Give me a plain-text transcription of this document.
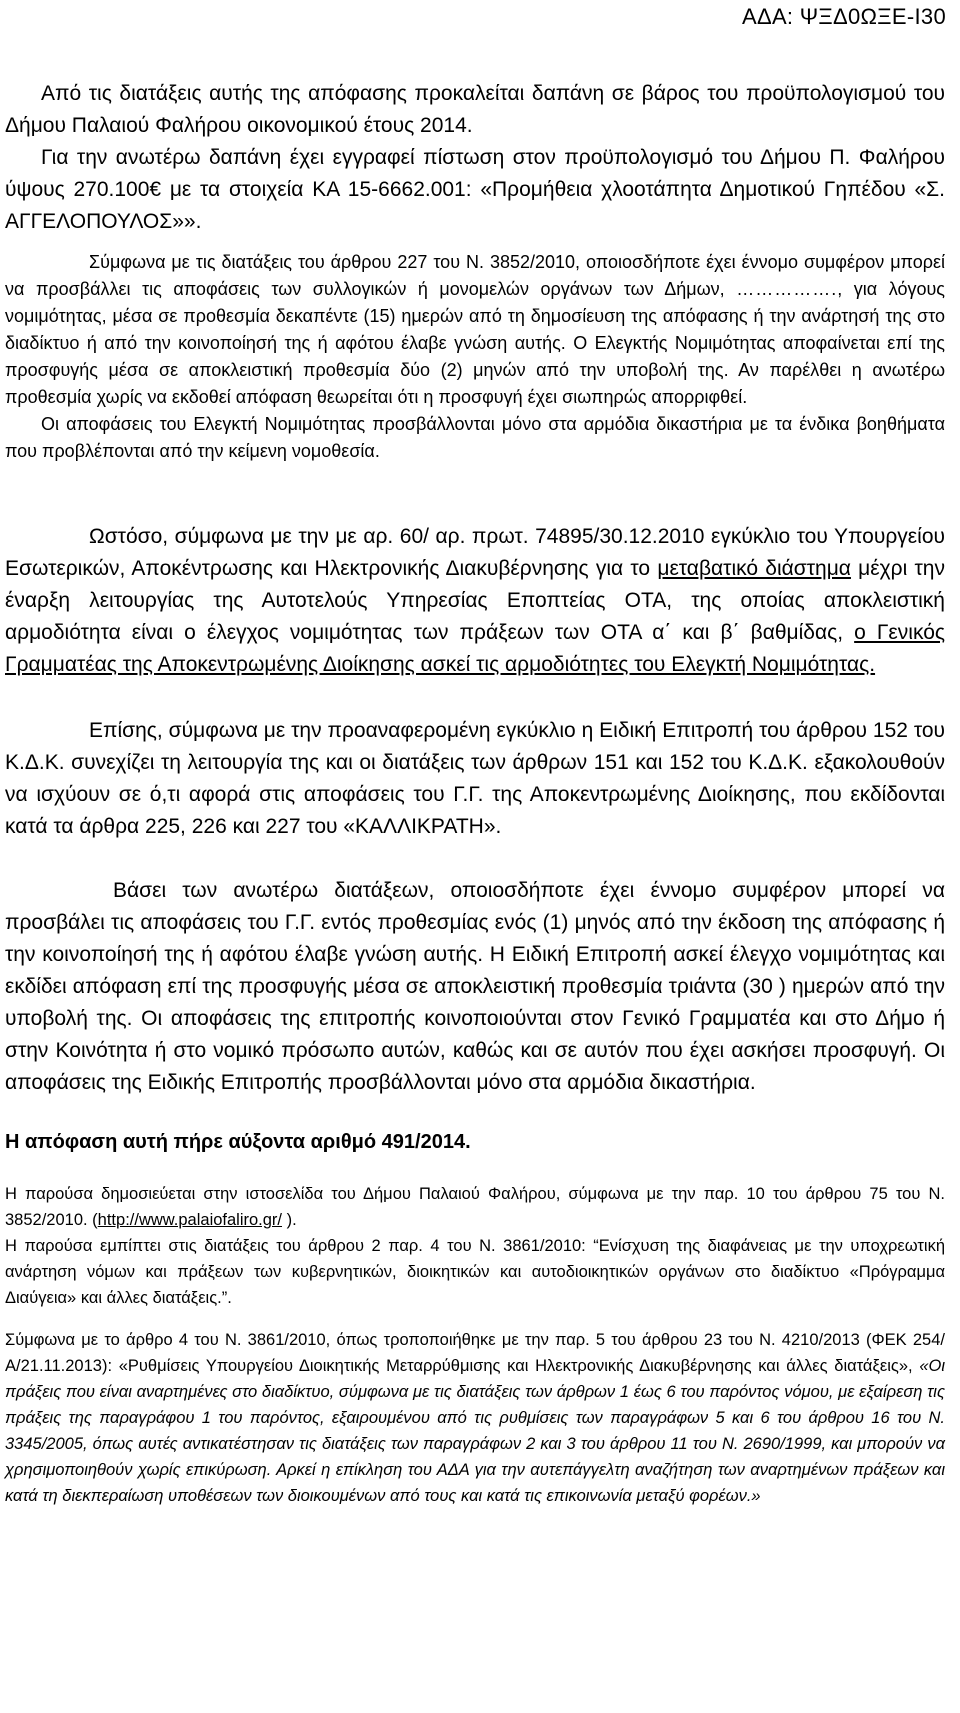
ΑΔΑ: ΨΞΔ0ΩΞΕ-Ι30

Από τις διατάξεις αυτής της απόφασης προκαλείται δαπάνη σε βάρος του προϋπολογισμού του Δήμου Παλαιού Φαλήρου οικονομικού έτους 2014.

Για την ανωτέρω δαπάνη έχει εγγραφεί πίστωση στον προϋπολογισμό του Δήμου Π. Φαλήρου ύψους 270.100€ με τα στοιχεία ΚΑ 15-6662.001: «Προμήθεια χλοοτάπητα Δημοτικού Γηπέδου «Σ. ΑΓΓΕΛΟΠΟΥΛΟΣ»».

Σύμφωνα με τις διατάξεις του άρθρου 227 του Ν. 3852/2010, οποιοσδήποτε έχει έννομο συμφέρον μπορεί να προσβάλλει τις αποφάσεις των συλλογικών ή μονομελών οργάνων των Δήμων, ……………., για λόγους νομιμότητας, μέσα σε προθεσμία δεκαπέντε (15) ημερών από τη δημοσίευση της απόφασης ή την ανάρτησή της στο διαδίκτυο ή από την κοινοποίησή της ή αφότου έλαβε γνώση αυτής. Ο Ελεγκτής Νομιμότητας αποφαίνεται επί της προσφυγής μέσα σε αποκλειστική προθεσμία δύο (2) μηνών από την υποβολή της. Αν παρέλθει η ανωτέρω προθεσμία χωρίς να εκδοθεί απόφαση θεωρείται ότι η προσφυγή έχει σιωπηρώς απορριφθεί.

Οι αποφάσεις του Ελεγκτή Νομιμότητας προσβάλλονται μόνο στα αρμόδια δικαστήρια με τα ένδικα βοηθήματα που προβλέπονται από την κείμενη νομοθεσία.

Ωστόσο, σύμφωνα με την με αρ. 60/ αρ. πρωτ. 74895/30.12.2010 εγκύκλιο του Υπουργείου Εσωτερικών, Αποκέντρωσης και Ηλεκτρονικής Διακυβέρνησης για το μεταβατικό διάστημα μέχρι την έναρξη λειτουργίας της Αυτοτελούς Υπηρεσίας Εποπτείας ΟΤΑ, της οποίας αποκλειστική αρμοδιότητα είναι ο έλεγχος νομιμότητας των πράξεων των ΟΤΑ α΄ και β΄ βαθμίδας, ο Γενικός Γραμματέας της Αποκεντρωμένης Διοίκησης ασκεί τις αρμοδιότητες του Ελεγκτή Νομιμότητας.

Επίσης, σύμφωνα με την προαναφερομένη εγκύκλιο η Ειδική Επιτροπή του άρθρου 152 του Κ.Δ.Κ. συνεχίζει τη λειτουργία της και οι διατάξεις των άρθρων 151 και 152 του Κ.Δ.Κ. εξακολουθούν να ισχύουν σε ό,τι αφορά στις αποφάσεις του Γ.Γ. της Αποκεντρωμένης Διοίκησης, που εκδίδονται κατά τα άρθρα 225, 226 και 227 του «ΚΑΛΛΙΚΡΑΤΗ».

Βάσει των ανωτέρω διατάξεων, οποιοσδήποτε έχει έννομο συμφέρον μπορεί να προσβάλει τις αποφάσεις του Γ.Γ. εντός προθεσμίας ενός (1) μηνός από την έκδοση της απόφασης ή την κοινοποίησή της ή αφότου έλαβε γνώση αυτής. Η Ειδική Επιτροπή ασκεί έλεγχο νομιμότητας και εκδίδει απόφαση επί της προσφυγής μέσα σε αποκλειστική προθεσμία τριάντα (30 ) ημερών από την υποβολή της. Οι αποφάσεις της επιτροπής κοινοποιούνται στον Γενικό Γραμματέα και στο Δήμο ή στην Κοινότητα ή στο νομικό πρόσωπο αυτών, καθώς και σε αυτόν που έχει ασκήσει προσφυγή. Οι αποφάσεις της Ειδικής Επιτροπής προσβάλλονται μόνο στα αρμόδια δικαστήρια.

Η απόφαση αυτή πήρε αύξοντα αριθμό 491/2014.

Η παρούσα δημοσιεύεται στην ιστοσελίδα του Δήμου Παλαιού Φαλήρου, σύμφωνα με την παρ. 10 του άρθρου 75 του Ν. 3852/2010. (http://www.palaiofaliro.gr/ ).

Η παρούσα εμπίπτει στις διατάξεις του άρθρου 2 παρ. 4 του Ν. 3861/2010: “Ενίσχυση της διαφάνειας με την υποχρεωτική ανάρτηση νόμων και πράξεων των κυβερνητικών, διοικητικών και αυτοδιοικητικών οργάνων στο διαδίκτυο «Πρόγραμμα Διαύγεια» και άλλες διατάξεις.”.

Σύμφωνα με το άρθρο 4 του Ν. 3861/2010, όπως τροποποιήθηκε με την παρ. 5 του άρθρου 23 του Ν. 4210/2013 (ΦΕΚ 254/Α/21.11.2013): «Ρυθμίσεις Υπουργείου Διοικητικής Μεταρρύθμισης και Ηλεκτρονικής Διακυβέρνησης και άλλες διατάξεις», «Οι πράξεις που είναι αναρτημένες στο διαδίκτυο, σύμφωνα με τις διατάξεις των άρθρων 1 έως 6 του παρόντος νόμου, με εξαίρεση τις πράξεις της παραγράφου 1 του παρόντος, εξαιρουμένου από τις ρυθμίσεις των παραγράφων 5 και 6 του άρθρου 16 του Ν. 3345/2005, όπως αυτές αντικατέστησαν τις διατάξεις των παραγράφων 2 και 3 του άρθρου 11 του Ν. 2690/1999, και μπορούν να χρησιμοποιηθούν χωρίς επικύρωση. Αρκεί η επίκληση του ΑΔΑ για την αυτεπάγγελτη αναζήτηση των αναρτημένων πράξεων και κατά τη διεκπεραίωση υποθέσεων των διοικουμένων από τους και κατά τις επικοινωνία μεταξύ φορέων.»
